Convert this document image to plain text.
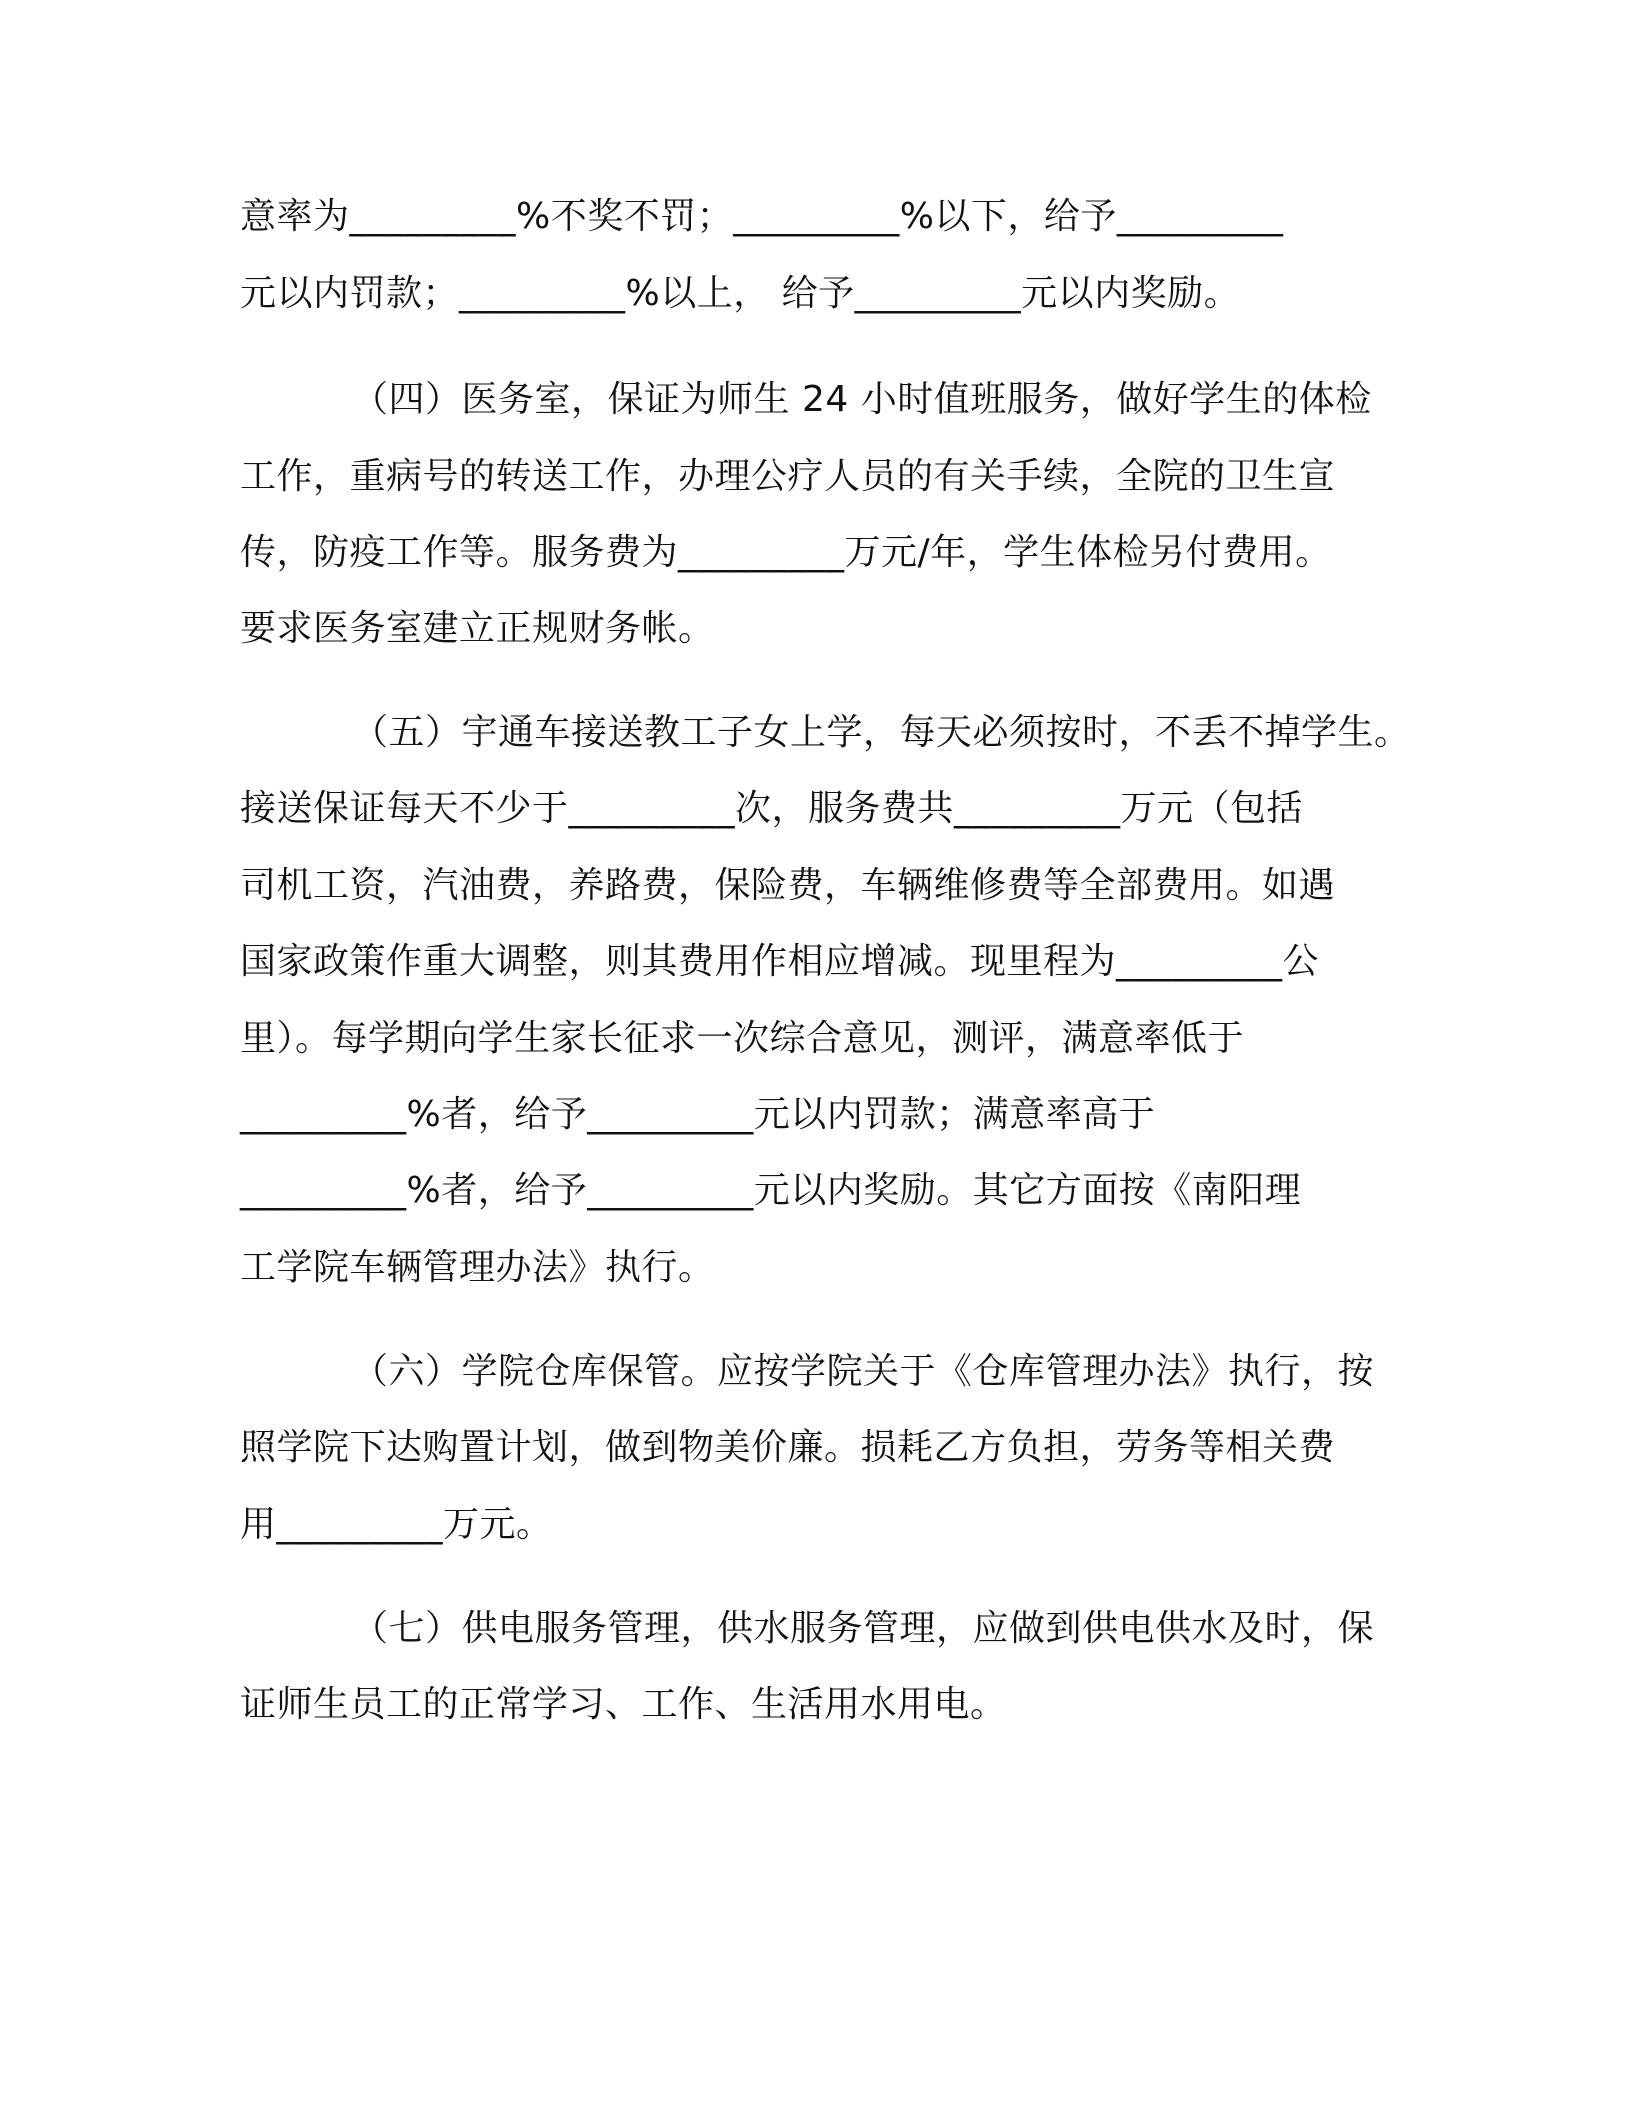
意率为_________%不奖不罚；_________%以下，给予_________
元以内罚款；_________%以上， 给予_________元以内奖励。
（四）医务室，保证为师生 24 小时值班服务，做好学生的体检
工作，重病号的转送工作，办理公疗人员的有关手续，全院的卫生宣
传，防疫工作等。服务费为_________万元/年，学生体检另付费用。
要求医务室建立正规财务帐。
（五）宇通车接送教工子女上学，每天必须按时，不丢不掉学生。
接送保证每天不少于_________次，服务费共_________万元（包括
司机工资，汽油费，养路费，保险费，车辆维修费等全部费用。如遇
国家政策作重大调整，则其费用作相应增减。现里程为_________公
里）。每学期向学生家长征求一次综合意见，测评，满意率低于
_________%者，给予_________元以内罚款；满意率高于
_________%者，给予_________元以内奖励。其它方面按《南阳理
工学院车辆管理办法》执行。
（六）学院仓库保管。应按学院关于《仓库管理办法》执行，按
照学院下达购置计划，做到物美价廉。损耗乙方负担，劳务等相关费
用_________万元。
（七）供电服务管理，供水服务管理，应做到供电供水及时，保
证师生员工的正常学习、工作、生活用水用电。
